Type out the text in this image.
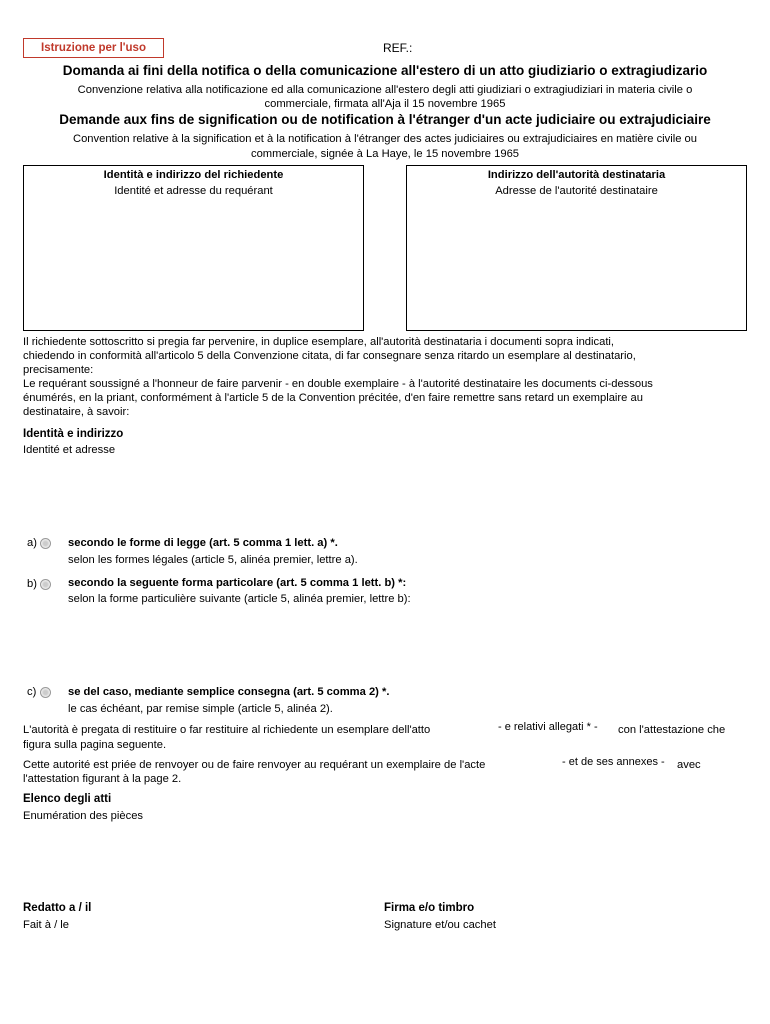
Istruzione per l'uso	REF.:
Domanda ai fini della notifica o della comunicazione all'estero di un atto giudiziario o extragiudizario
Convenzione relativa alla notificazione ed alla comunicazione all'estero degli atti giudiziari o extragiudiziari in materia civile o
commerciale, firmata all'Aja il 15 novembre 1965
Demande aux fins de signification ou de notification à l'étranger d'un acte judiciaire ou extrajudiciaire
Convention relative à la signification et à la notification à l'étranger des actes judiciaires ou extrajudiciaires en matière civile ou
commerciale, signée à La Haye, le 15 novembre 1965
Identità e indirizzo del richiedente
Identité et adresse du requérant
Indirizzo dell'autorità destinataria
Adresse de l'autorité destinataire
Il richiedente sottoscritto si pregia far pervenire, in duplice esemplare, all'autorità destinataria i documenti sopra indicati,
chiedendo in conformità all'articolo 5 della Convenzione citata, di far consegnare senza ritardo un esemplare al destinatario,
precisamente:
Le requérant soussigné a l'honneur de faire parvenir - en double exemplaire - à l'autorité destinataire les documents ci-dessous
énumérés, en la priant, conformément à l'article 5 de la Convention précitée, d'en faire remettre sans retard un exemplaire au
destinataire, à savoir:
Identità e indirizzo
Identité et adresse
a)	secondo le forme di legge (art. 5 comma 1 lett. a) *.
selon les formes légales (article 5, alinéa premier, lettre a).
b)	secondo la seguente forma particolare (art. 5 comma 1 lett. b) *:
selon la forme particulière suivante (article 5, alinéa premier, lettre b):
c)	se del caso, mediante semplice consegna (art. 5 comma 2) *.
le cas échéant, par remise simple (article 5, alinéa 2).
L'autorità è pregata di restituire o far restituire al richiedente un esemplare dell'atto	- e relativi allegati * - con l'attestazione che
figura sulla pagina seguente.
Cette autorité est priée de renvoyer ou de faire renvoyer au requérant un exemplaire de l'acte	- et de ses annexes - avec
l'attestation figurant à la page 2.
Elenco degli atti
Enumération des pièces
Redatto a / il
Fait à / le
Firma e/o timbro
Signature et/ou cachet
